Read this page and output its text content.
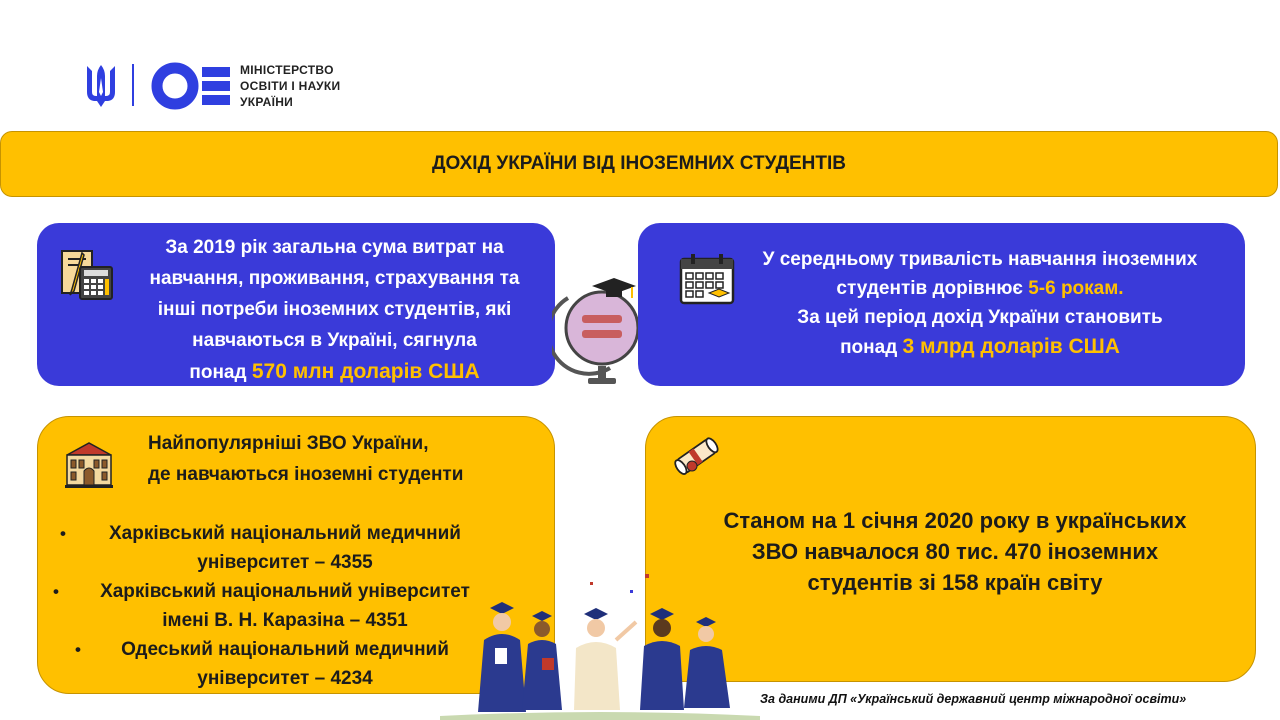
МІНІСТЕРСТВО
ОСВІТИ І НАУКИ
УКРАЇНИ
ДОХІД УКРАЇНИ ВІД ІНОЗЕМНИХ СТУДЕНТІВ
За 2019 рік загальна сума витрат на
навчання, проживання, страхування та
інші потреби іноземних студентів, які
навчаються в Україні, сягнула
понад 570 млн доларів США
У середньому тривалість навчання іноземних
студентів дорівнює 5-6 рокам.
За цей період дохід України становить
понад 3 млрд доларів США
Найпопулярніші ЗВО України,
де навчаються іноземні студенти
•	Харківський національний медичний
університет – 4355
•	Харківський національний університет
імені В. Н. Каразіна – 4351
•	Одеський національний медичний
університет – 4234
Станом на 1 січня 2020 року в українських
ЗВО навчалося 80 тис. 470 іноземних
студентів зі 158 країн світу
За даними ДП «Український державний центр міжнародної освіти»
